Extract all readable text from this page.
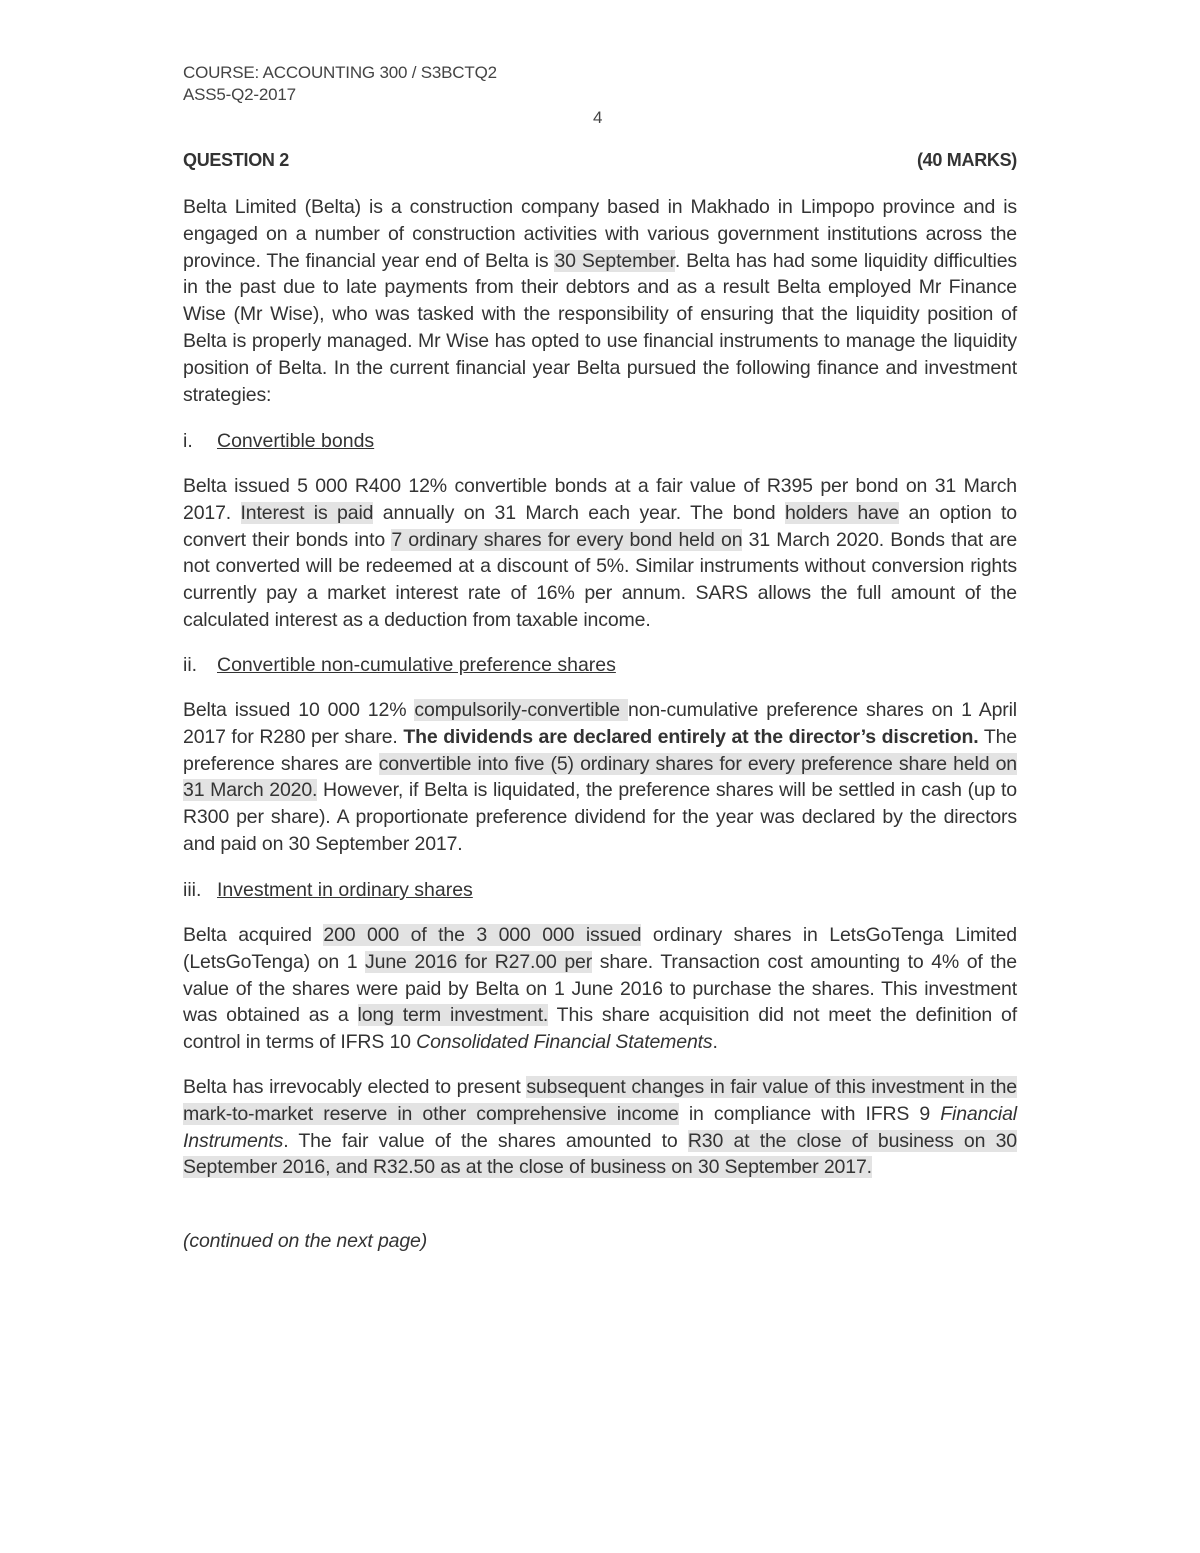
COURSE: ACCOUNTING 300 / S3BCTQ2
ASS5-Q2-2017
4
QUESTION 2	(40 MARKS)
Belta Limited (Belta) is a construction company based in Makhado in Limpopo province and is engaged on a number of construction activities with various government institutions across the province. The financial year end of Belta is 30 September. Belta has had some liquidity difficulties in the past due to late payments from their debtors and as a result Belta employed Mr Finance Wise (Mr Wise), who was tasked with the responsibility of ensuring that the liquidity position of Belta is properly managed. Mr Wise has opted to use financial instruments to manage the liquidity position of Belta. In the current financial year Belta pursued the following finance and investment strategies:
i.	Convertible bonds
Belta issued 5 000 R400 12% convertible bonds at a fair value of R395 per bond on 31 March 2017. Interest is paid annually on 31 March each year. The bond holders have an option to convert their bonds into 7 ordinary shares for every bond held on 31 March 2020. Bonds that are not converted will be redeemed at a discount of 5%. Similar instruments without conversion rights currently pay a market interest rate of 16% per annum. SARS allows the full amount of the calculated interest as a deduction from taxable income.
ii.	Convertible non-cumulative preference shares
Belta issued 10 000 12% compulsorily-convertible non-cumulative preference shares on 1 April 2017 for R280 per share. The dividends are declared entirely at the director’s discretion. The preference shares are convertible into five (5) ordinary shares for every preference share held on 31 March 2020. However, if Belta is liquidated, the preference shares will be settled in cash (up to R300 per share). A proportionate preference dividend for the year was declared by the directors and paid on 30 September 2017.
iii. Investment in ordinary shares
Belta acquired 200 000 of the 3 000 000 issued ordinary shares in LetsGoTenga Limited (LetsGoTenga) on 1 June 2016 for R27.00 per share. Transaction cost amounting to 4% of the value of the shares were paid by Belta on 1 June 2016 to purchase the shares. This investment was obtained as a long term investment. This share acquisition did not meet the definition of control in terms of IFRS 10 Consolidated Financial Statements.
Belta has irrevocably elected to present subsequent changes in fair value of this investment in the mark-to-market reserve in other comprehensive income in compliance with IFRS 9 Financial Instruments. The fair value of the shares amounted to R30 at the close of business on 30 September 2016, and R32.50 as at the close of business on 30 September 2017.
(continued on the next page)
